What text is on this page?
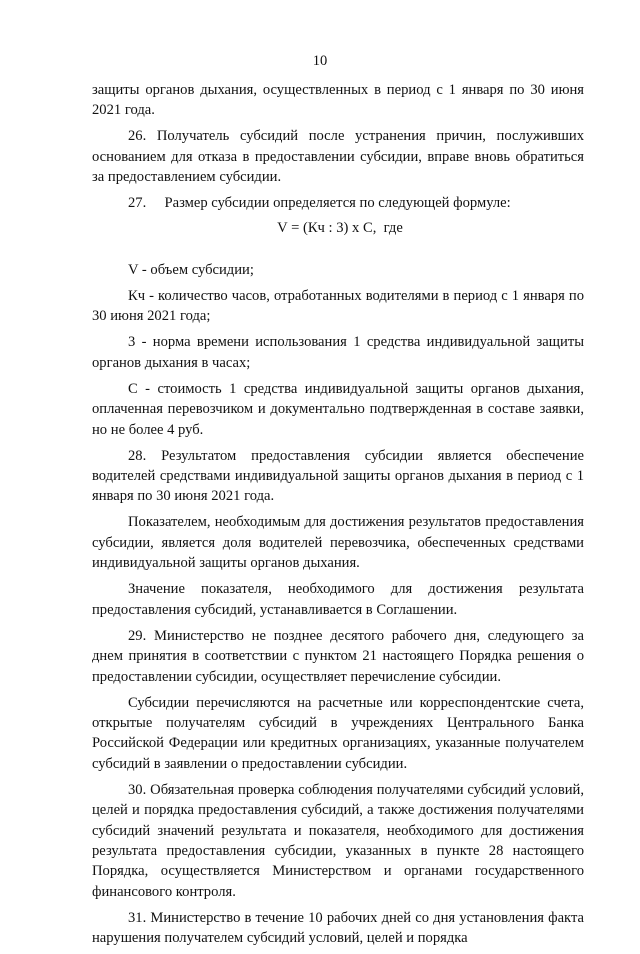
10

защиты органов дыхания, осуществленных в период с 1 января по 30 июня 2021 года.

26. Получатель субсидий после устранения причин, послуживших основанием для отказа в предоставлении субсидии, вправе вновь обратиться за предоставлением субсидии.

27.     Размер субсидии определяется по следующей формуле:

V = (Кч : 3) х С,  где

V - объем субсидии;

Кч - количество часов, отработанных водителями в период с 1 января по 30 июня 2021 года;

3 - норма времени использования 1 средства индивидуальной защиты органов дыхания в часах;

С - стоимость 1 средства индивидуальной защиты органов дыхания, оплаченная перевозчиком и документально подтвержденная в составе заявки, но не более 4 руб.

28. Результатом предоставления субсидии является обеспечение водителей средствами индивидуальной защиты органов дыхания в период с 1 января по 30 июня 2021 года.

Показателем, необходимым для достижения результатов предоставления субсидии, является доля водителей перевозчика, обеспеченных средствами индивидуальной защиты органов дыхания.

Значение показателя, необходимого для достижения результата предоставления субсидий, устанавливается в Соглашении.

29. Министерство не позднее десятого рабочего дня, следующего за днем принятия в соответствии с пунктом 21 настоящего Порядка решения о предоставлении субсидии, осуществляет перечисление субсидии.

Субсидии перечисляются на расчетные или корреспондентские счета, открытые получателям субсидий в учреждениях Центрального Банка Российской Федерации или кредитных организациях, указанные получателем субсидий в заявлении о предоставлении субсидии.

30. Обязательная проверка соблюдения получателями субсидий условий, целей и порядка предоставления субсидий, а также достижения получателями субсидий значений результата и показателя, необходимого для достижения результата предоставления субсидии, указанных в пункте 28 настоящего Порядка, осуществляется Министерством и органами государственного финансового контроля.

31. Министерство в течение 10 рабочих дней со дня установления факта нарушения получателем субсидий условий, целей и порядка
